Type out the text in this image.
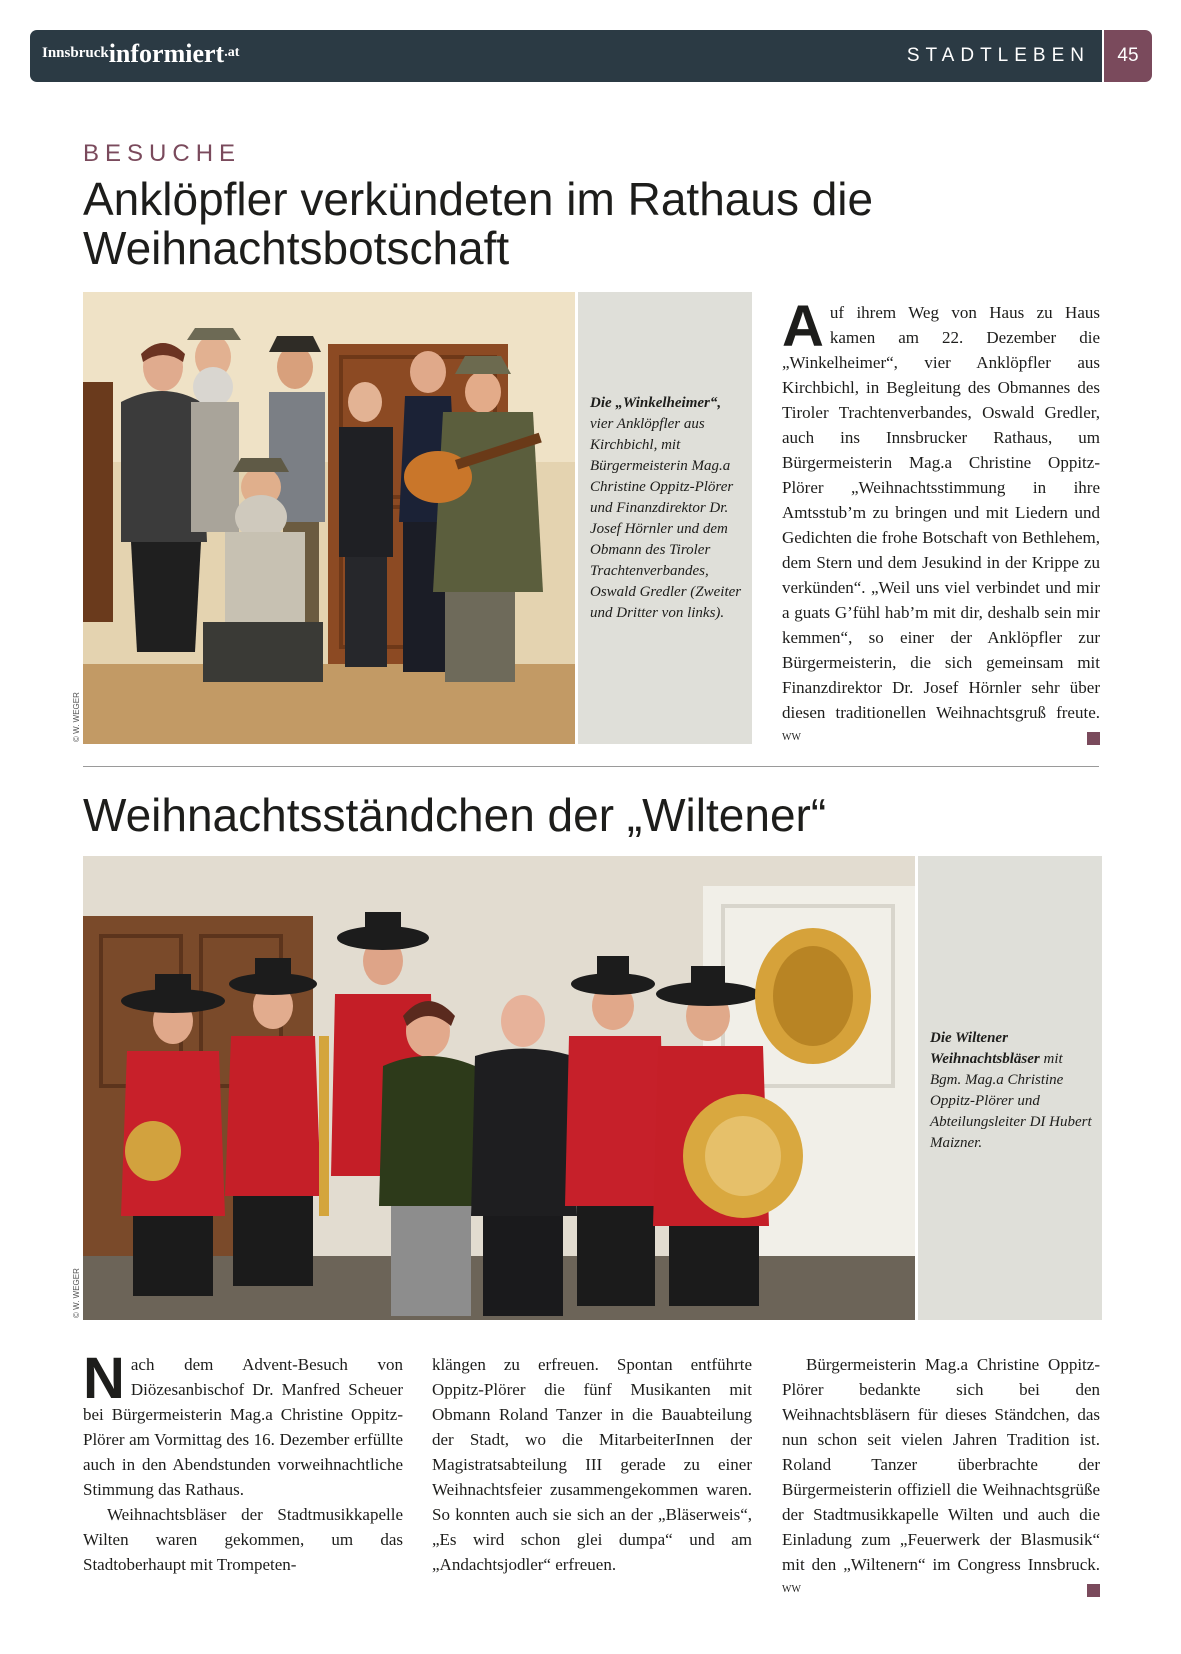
Innsbruckinformiert.at	STADTLEBEN	45
BESUCHE
Anklöpfler verkündeten im Rathaus die Weihnachtsbotschaft
© W. WEGER
Die „Winkelheimer“, vier Anklöpfler aus Kirchbichl, mit Bürgermeisterin Mag.a Christine Oppitz-Plörer und Finanzdirektor Dr. Josef Hörnler und dem Obmann des Tiroler Trachtenverbandes, Oswald Gredler (Zweiter und Dritter von links).

Auf ihrem Weg von Haus zu Haus kamen am 22. Dezember die „Winkelheimer“, vier Anklöpfler aus Kirchbichl, in Begleitung des Obmannes des Tiroler Trachtenverbandes, Oswald Gredler, auch ins Innsbrucker Rathaus, um Bürgermeisterin Mag.a Christine Oppitz-Plörer „Weihnachtsstimmung in ihre Amtsstub’m zu bringen und mit Liedern und Gedichten die frohe Botschaft von Bethlehem, dem Stern und dem Jesukind in der Krippe zu verkünden“. „Weil uns viel verbindet und mir a guats G’fühl hab’m mit dir, deshalb sein mir kemmen“, so einer der Anklöpfler zur Bürgermeisterin, die sich gemeinsam mit Finanzdirektor Dr. Josef Hörnler sehr über diesen traditionellen Weihnachtsgruß freute. $^{WW}$

Weihnachtsständchen der „Wiltener“
© W. WEGER
Die Wiltener Weihnachtsbläser mit Bgm. Mag.a Christine Oppitz-Plörer und Abteilungsleiter DI Hubert Maizner.

Nach dem Advent-Besuch von Diözesanbischof Dr. Manfred Scheuer bei Bürgermeisterin Mag.a Christine Oppitz-Plörer am Vormittag des 16. Dezember erfüllte auch in den Abendstunden vorweihnachtliche Stimmung das Rathaus.

Weihnachtsbläser der Stadtmusikkapelle Wilten waren gekommen, um das Stadtoberhaupt mit Trompeten-

klängen zu erfreuen. Spontan entführte Oppitz-Plörer die fünf Musikanten mit Obmann Roland Tanzer in die Bauabteilung der Stadt, wo die MitarbeiterInnen der Magistratsabteilung III gerade zu einer Weihnachtsfeier zusammengekommen waren. So konnten auch sie sich an der „Bläserweis“, „Es wird schon glei dumpa“ und am „Andachtsjodler“ erfreuen.

Bürgermeisterin Mag.a Christine Oppitz-Plörer bedankte sich bei den Weihnachtsbläsern für dieses Ständchen, das nun schon seit vielen Jahren Tradition ist. Roland Tanzer überbrachte der Bürgermeisterin offiziell die Weihnachtsgrüße der Stadtmusikkapelle Wilten und auch die Einladung zum „Feuerwerk der Blasmusik“ mit den „Wiltenern“ im Congress Innsbruck. $^{WW}$
